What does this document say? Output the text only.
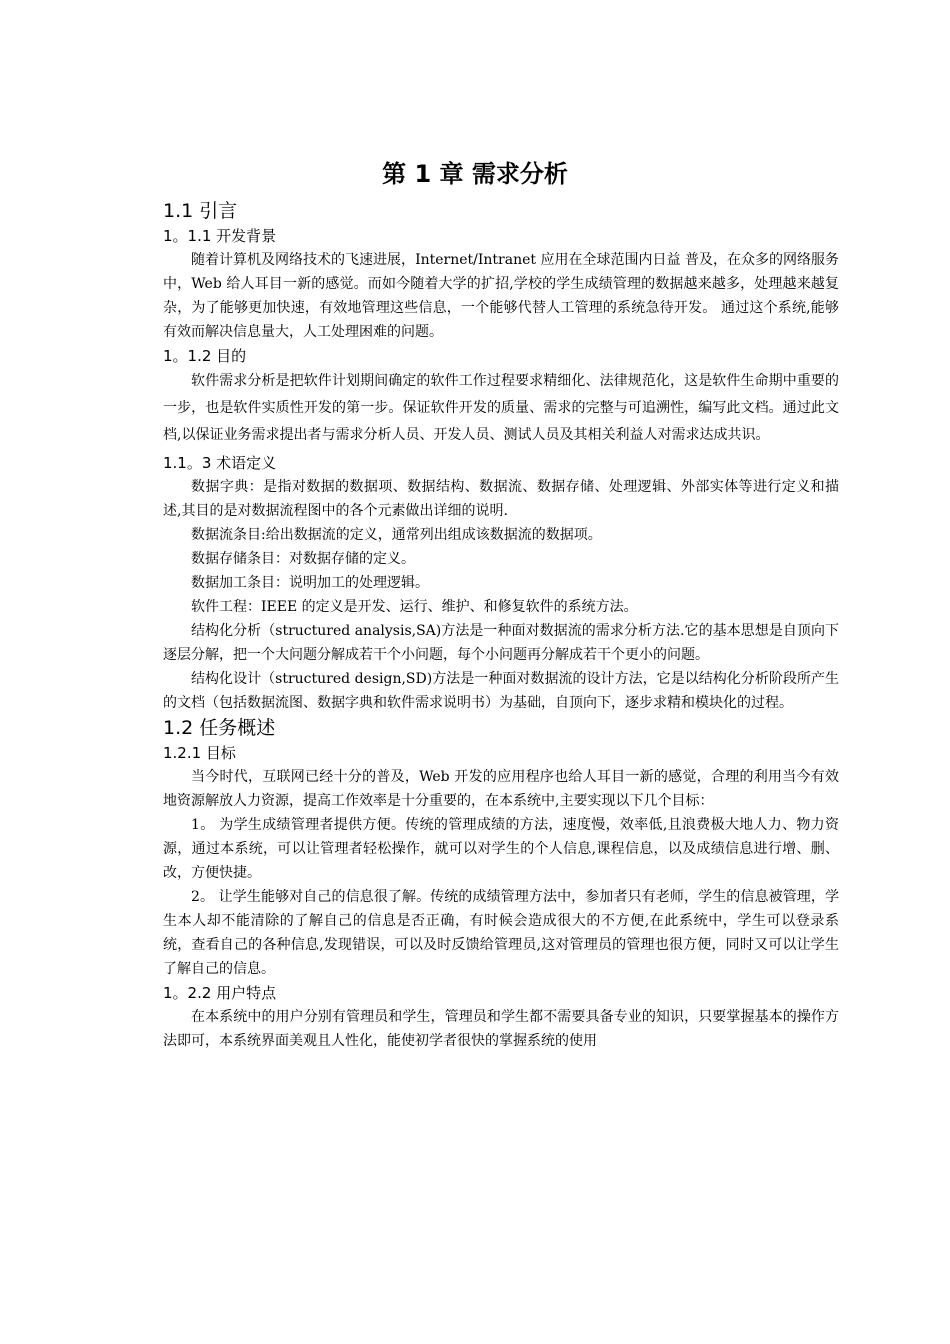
第 1 章 需求分析
1.1 引言
1。1.1 开发背景

随着计算机及网络技术的飞速进展，Internet/Intranet 应用在全球范围内日益 普及，在众多的网络服务中，Web 给人耳目一新的感觉。而如今随着大学的扩招,学校的学生成绩管理的数据越来越多，处理越来越复杂，为了能够更加快速，有效地管理这些信息，一个能够代替人工管理的系统急待开发。 通过这个系统,能够有效而解决信息量大，人工处理困难的问题。

1。1.2 目的

软件需求分析是把软件计划期间确定的软件工作过程要求精细化、法律规范化，这是软件生命期中重要的一步，也是软件实质性开发的第一步。保证软件开发的质量、需求的完整与可追溯性，编写此文档。通过此文档,以保证业务需求提出者与需求分析人员、开发人员、测试人员及其相关利益人对需求达成共识。

1.1。3 术语定义

数据字典：是指对数据的数据项、数据结构、数据流、数据存储、处理逻辑、外部实体等进行定义和描述,其目的是对数据流程图中的各个元素做出详细的说明.

数据流条目:给出数据流的定义，通常列出组成该数据流的数据项。

数据存储条目：对数据存储的定义。

数据加工条目：说明加工的处理逻辑。

软件工程：IEEE 的定义是开发、运行、维护、和修复软件的系统方法。

结构化分析（structured analysis,SA)方法是一种面对数据流的需求分析方法.它的基本思想是自顶向下逐层分解，把一个大问题分解成若干个小问题，每个小问题再分解成若干个更小的问题。

结构化设计（structured design,SD)方法是一种面对数据流的设计方法，它是以结构化分析阶段所产生的文档（包括数据流图、数据字典和软件需求说明书）为基础，自顶向下，逐步求精和模块化的过程。

1.2 任务概述
1.2.1 目标

当今时代，互联网已经十分的普及，Web 开发的应用程序也给人耳目一新的感觉，合理的利用当今有效地资源解放人力资源，提高工作效率是十分重要的，在本系统中,主要实现以下几个目标：

1。 为学生成绩管理者提供方便。传统的管理成绩的方法，速度慢，效率低,且浪费极大地人力、物力资源，通过本系统，可以让管理者轻松操作，就可以对学生的个人信息,课程信息，以及成绩信息进行增、删、改，方便快捷。

2。 让学生能够对自己的信息很了解。传统的成绩管理方法中，参加者只有老师，学生的信息被管理，学生本人却不能清除的了解自己的信息是否正确，有时候会造成很大的不方便,在此系统中，学生可以登录系统，查看自己的各种信息,发现错误，可以及时反馈给管理员,这对管理员的管理也很方便，同时又可以让学生了解自己的信息。

1。2.2 用户特点

在本系统中的用户分别有管理员和学生，管理员和学生都不需要具备专业的知识，只要掌握基本的操作方法即可，本系统界面美观且人性化，能使初学者很快的掌握系统的使用
